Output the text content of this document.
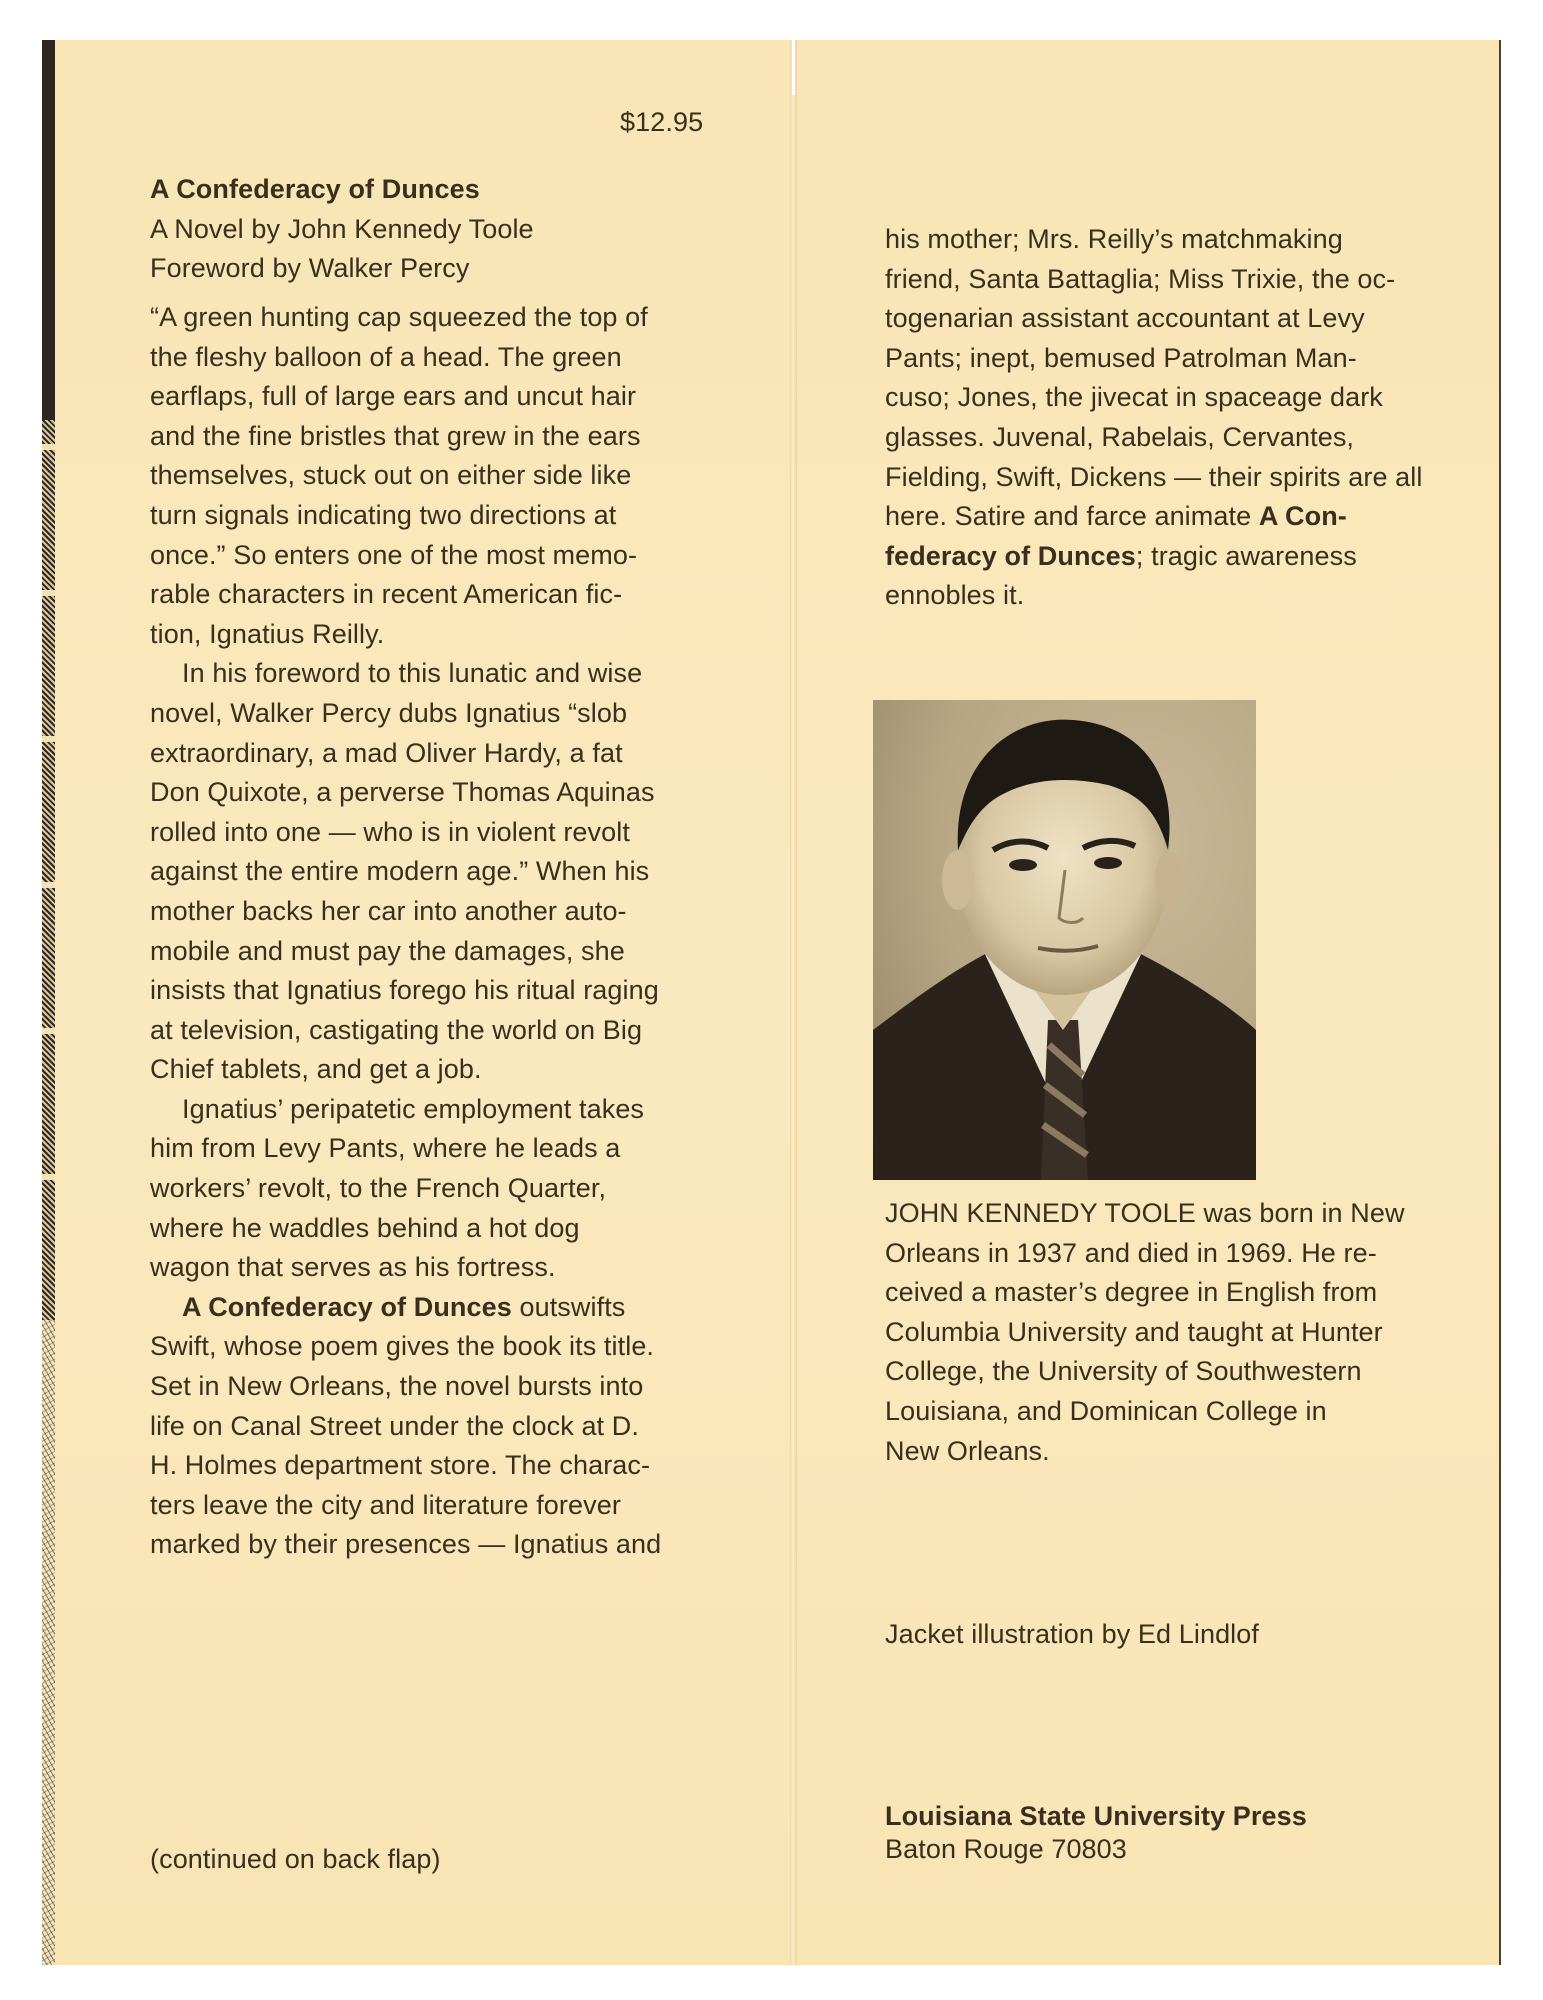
$12.95
A Confederacy of Dunces
A Novel by John Kennedy Toole
Foreword by Walker Percy
“A green hunting cap squeezed the top of
the fleshy balloon of a head. The green
earflaps, full of large ears and uncut hair
and the fine bristles that grew in the ears
themselves, stuck out on either side like
turn signals indicating two directions at
once.” So enters one of the most memo-
rable characters in recent American fic-
tion, Ignatius Reilly.
In his foreword to this lunatic and wise
novel, Walker Percy dubs Ignatius “slob
extraordinary, a mad Oliver Hardy, a fat
Don Quixote, a perverse Thomas Aquinas
rolled into one — who is in violent revolt
against the entire modern age.” When his
mother backs her car into another auto-
mobile and must pay the damages, she
insists that Ignatius forego his ritual raging
at television, castigating the world on Big
Chief tablets, and get a job.
Ignatius’ peripatetic employment takes
him from Levy Pants, where he leads a
workers’ revolt, to the French Quarter,
where he waddles behind a hot dog
wagon that serves as his fortress.
A Confederacy of Dunces outswifts
Swift, whose poem gives the book its title.
Set in New Orleans, the novel bursts into
life on Canal Street under the clock at D.
H. Holmes department store. The charac-
ters leave the city and literature forever
marked by their presences — Ignatius and
(continued on back flap)
his mother; Mrs. Reilly’s matchmaking
friend, Santa Battaglia; Miss Trixie, the oc-
togenarian assistant accountant at Levy
Pants; inept, bemused Patrolman Man-
cuso; Jones, the jivecat in spaceage dark
glasses. Juvenal, Rabelais, Cervantes,
Fielding, Swift, Dickens — their spirits are all
here. Satire and farce animate A Con-
federacy of Dunces; tragic awareness
ennobles it.
JOHN KENNEDY TOOLE was born in New
Orleans in 1937 and died in 1969. He re-
ceived a master’s degree in English from
Columbia University and taught at Hunter
College, the University of Southwestern
Louisiana, and Dominican College in
New Orleans.
Jacket illustration by Ed Lindlof
Louisiana State University Press
Baton Rouge 70803
